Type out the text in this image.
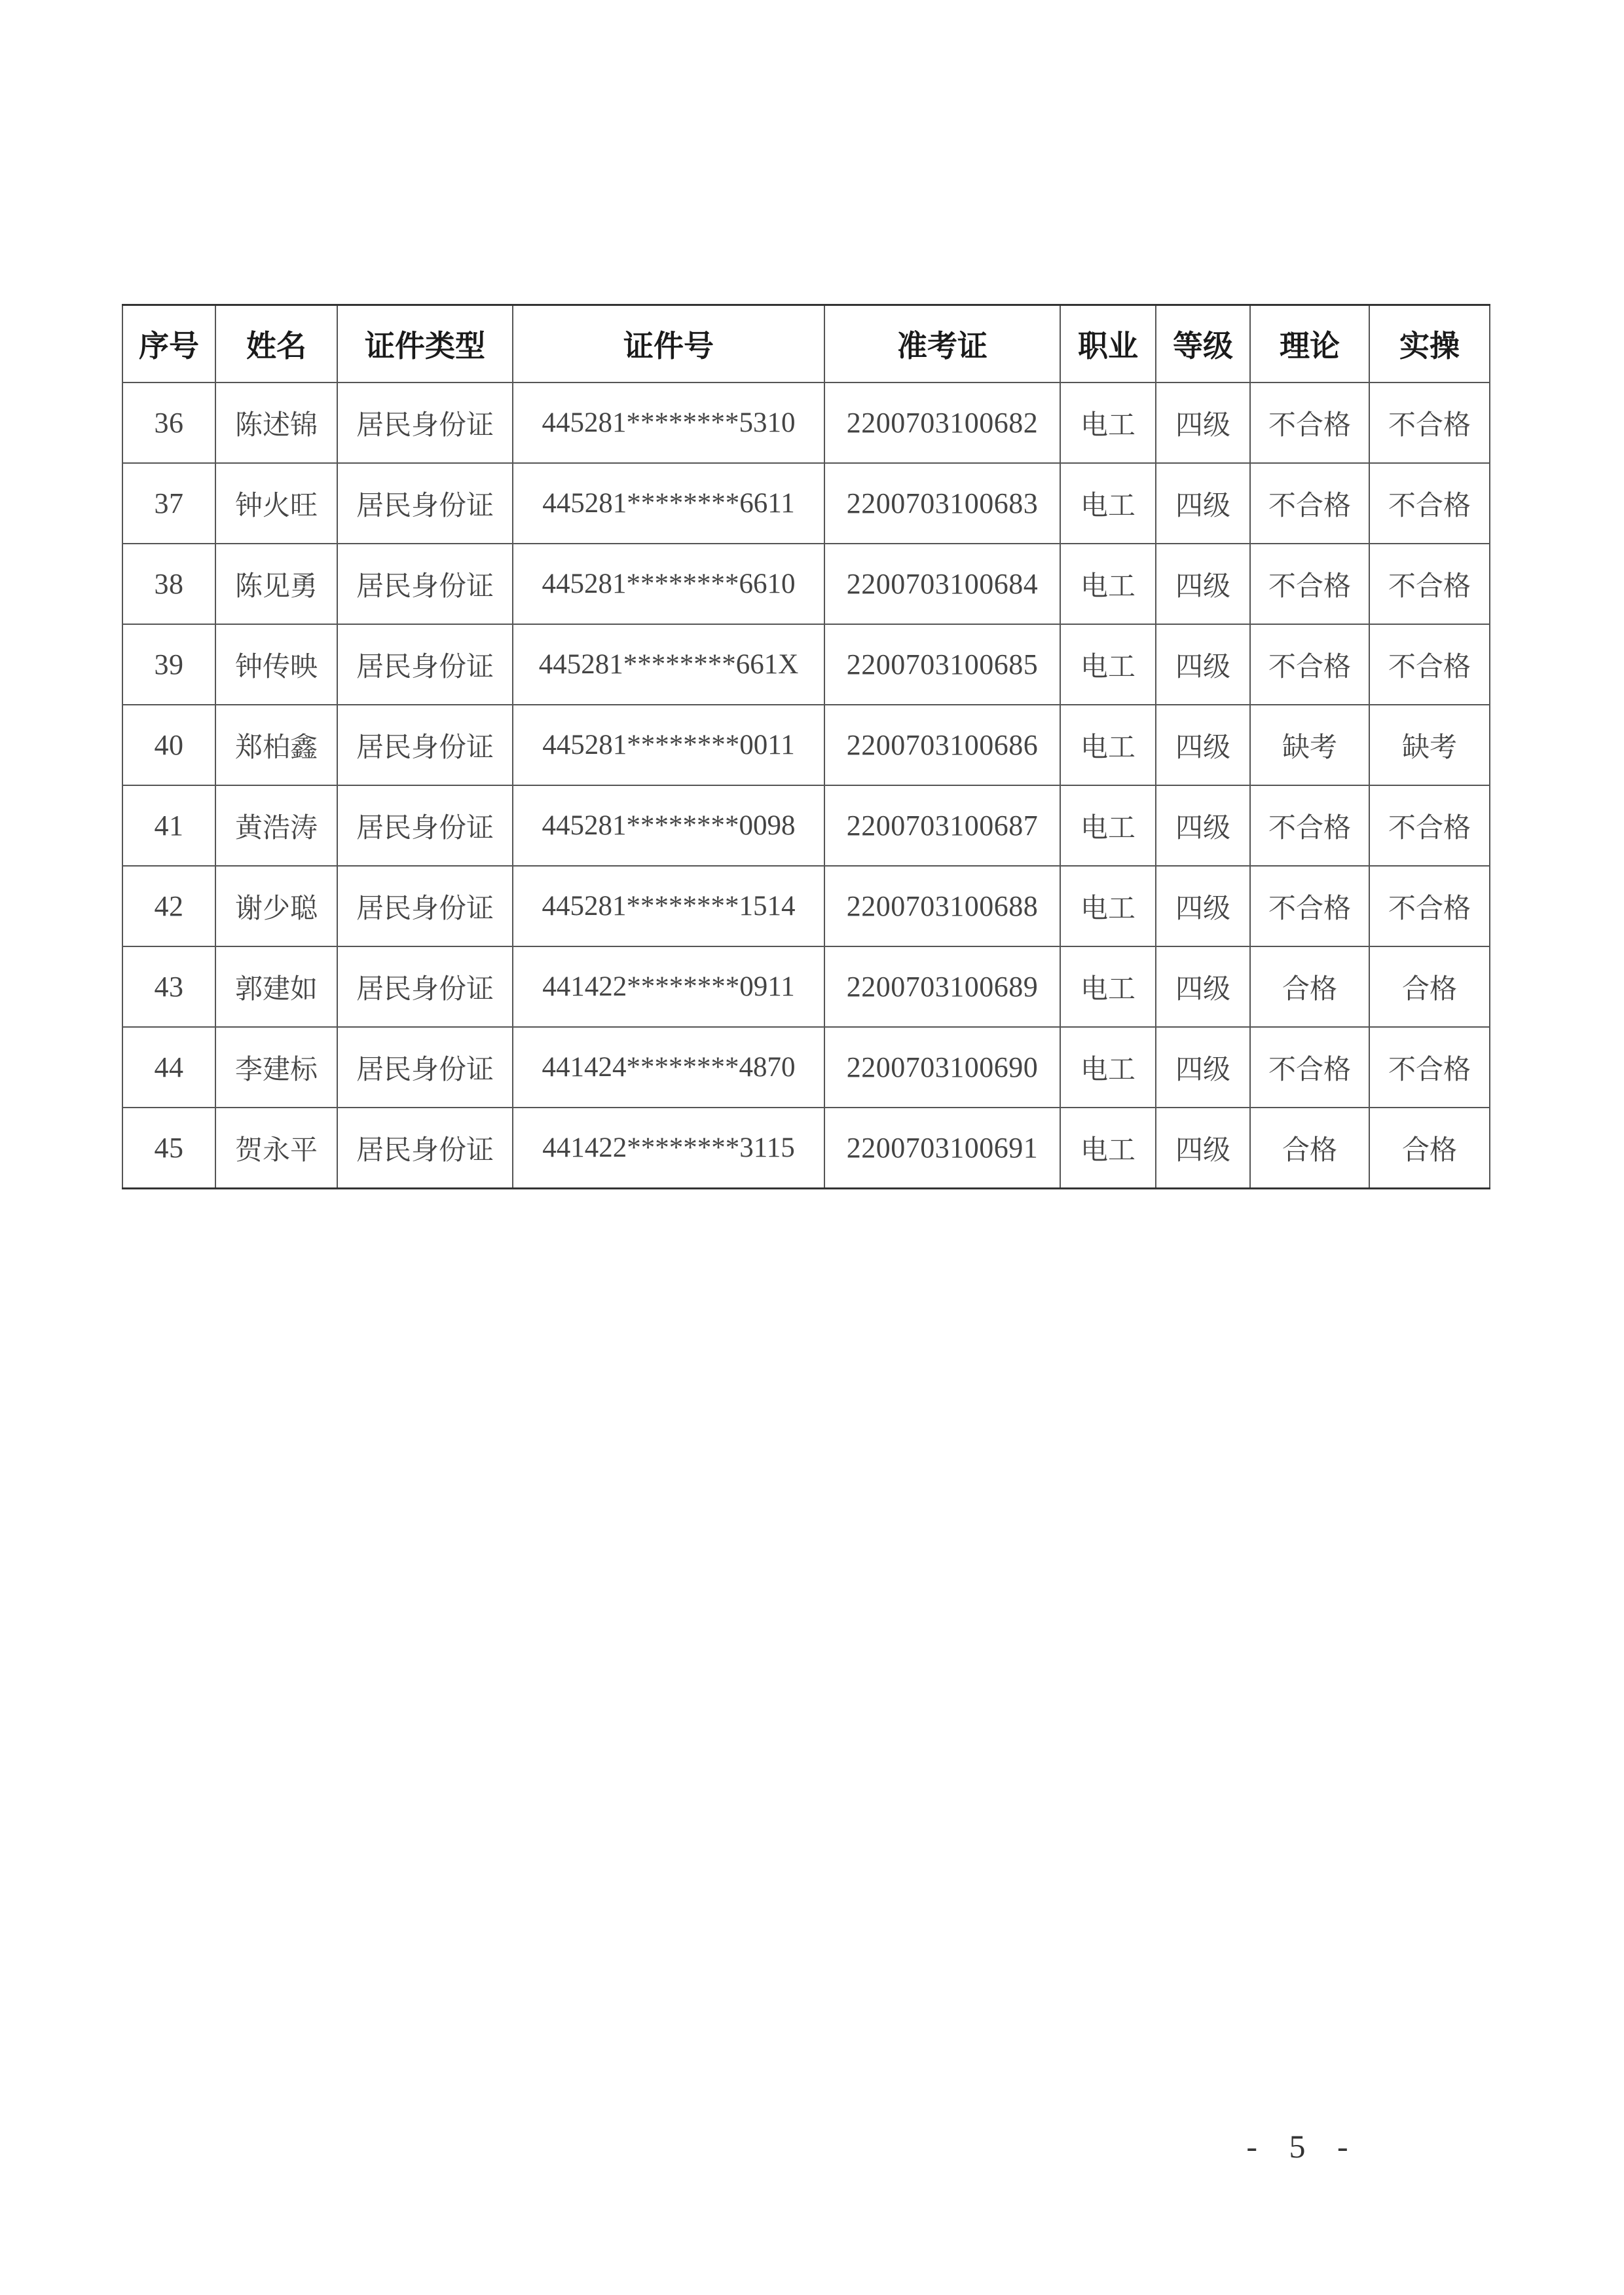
序号	姓名	证件类型	证件号	准考证	职业	等级	理论	实操
36	陈述锦	居民身份证	445281********5310	2200703100682	电工	四级	不合格	不合格
37	钟火旺	居民身份证	445281********6611	2200703100683	电工	四级	不合格	不合格
38	陈见勇	居民身份证	445281********6610	2200703100684	电工	四级	不合格	不合格
39	钟传映	居民身份证	445281********661X	2200703100685	电工	四级	不合格	不合格
40	郑柏鑫	居民身份证	445281********0011	2200703100686	电工	四级	缺考	缺考
41	黄浩涛	居民身份证	445281********0098	2200703100687	电工	四级	不合格	不合格
42	谢少聪	居民身份证	445281********1514	2200703100688	电工	四级	不合格	不合格
43	郭建如	居民身份证	441422********0911	2200703100689	电工	四级	合格	合格
44	李建标	居民身份证	441424********4870	2200703100690	电工	四级	不合格	不合格
45	贺永平	居民身份证	441422********3115	2200703100691	电工	四级	合格	合格
- 5 -
